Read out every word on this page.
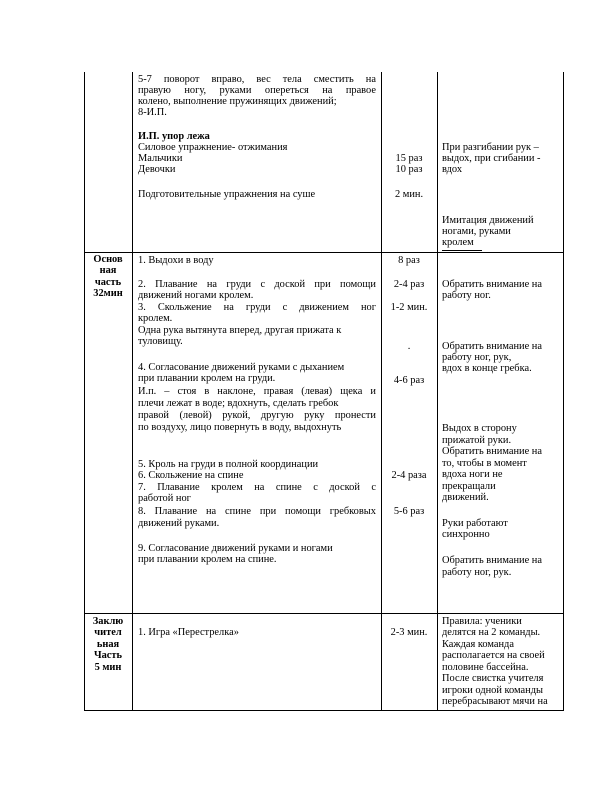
5-7 поворот вправо, вес тела сместить на
правую ногу, руками опереться на правое
колено, выполнение пружинящих движений;
8-И.П.
И.П. упор лежа
Силовое упражнение- отжимания
Мальчики
Девочки
Подготовительные упражнения на суше
15 раз
10 раз
2 мин.
При разгибании рук –
выдох, при сгибании -
вдох
Имитация движений
ногами, руками
кролем
Основ
ная
часть
32мин
1. Выдохи в воду
2. Плавание на груди с доской при помощи
движений ногами кролем.
3. Скольжение на груди с движением ног
кролем.
Одна рука вытянута вперед, другая прижата к
туловищу.
4. Согласование движений руками с дыханием
при плавании кролем на груди.
И.п. – стоя в наклоне, правая (левая) щека и
плечи лежат в воде; вдохнуть, сделать гребок
правой (левой) рукой, другую руку пронести
по воздуху, лицо повернуть в воду, выдохнуть
5. Кроль на груди в полной координации
6. Скольжение на спине
7. Плавание кролем на спине с доской с
работой ног
8. Плавание на спине при помощи гребковых
движений руками.
9. Согласование движений руками и ногами
при плавании кролем на спине.
8 раз
2-4 раз
1-2 мин.
.
4-6 раз
2-4 раза
5-6 раз
Обратить внимание на
работу ног.
Обратить внимание на
работу ног, рук,
вдох в конце гребка.
Выдох в сторону
прижатой руки.
Обратить внимание на
то, чтобы в момент
вдоха ноги не
прекращали
движений.
Руки работают
синхронно
Обратить внимание на
работу ног, рук.
Заклю
чител
ьная
Часть
5 мин
1. Игра «Перестрелка»	2-3 мин.
Правила: ученики
делятся на 2 команды.
Каждая команда
располагается на своей
половине бассейна.
После свистка учителя
игроки одной команды
перебрасывают мячи на
